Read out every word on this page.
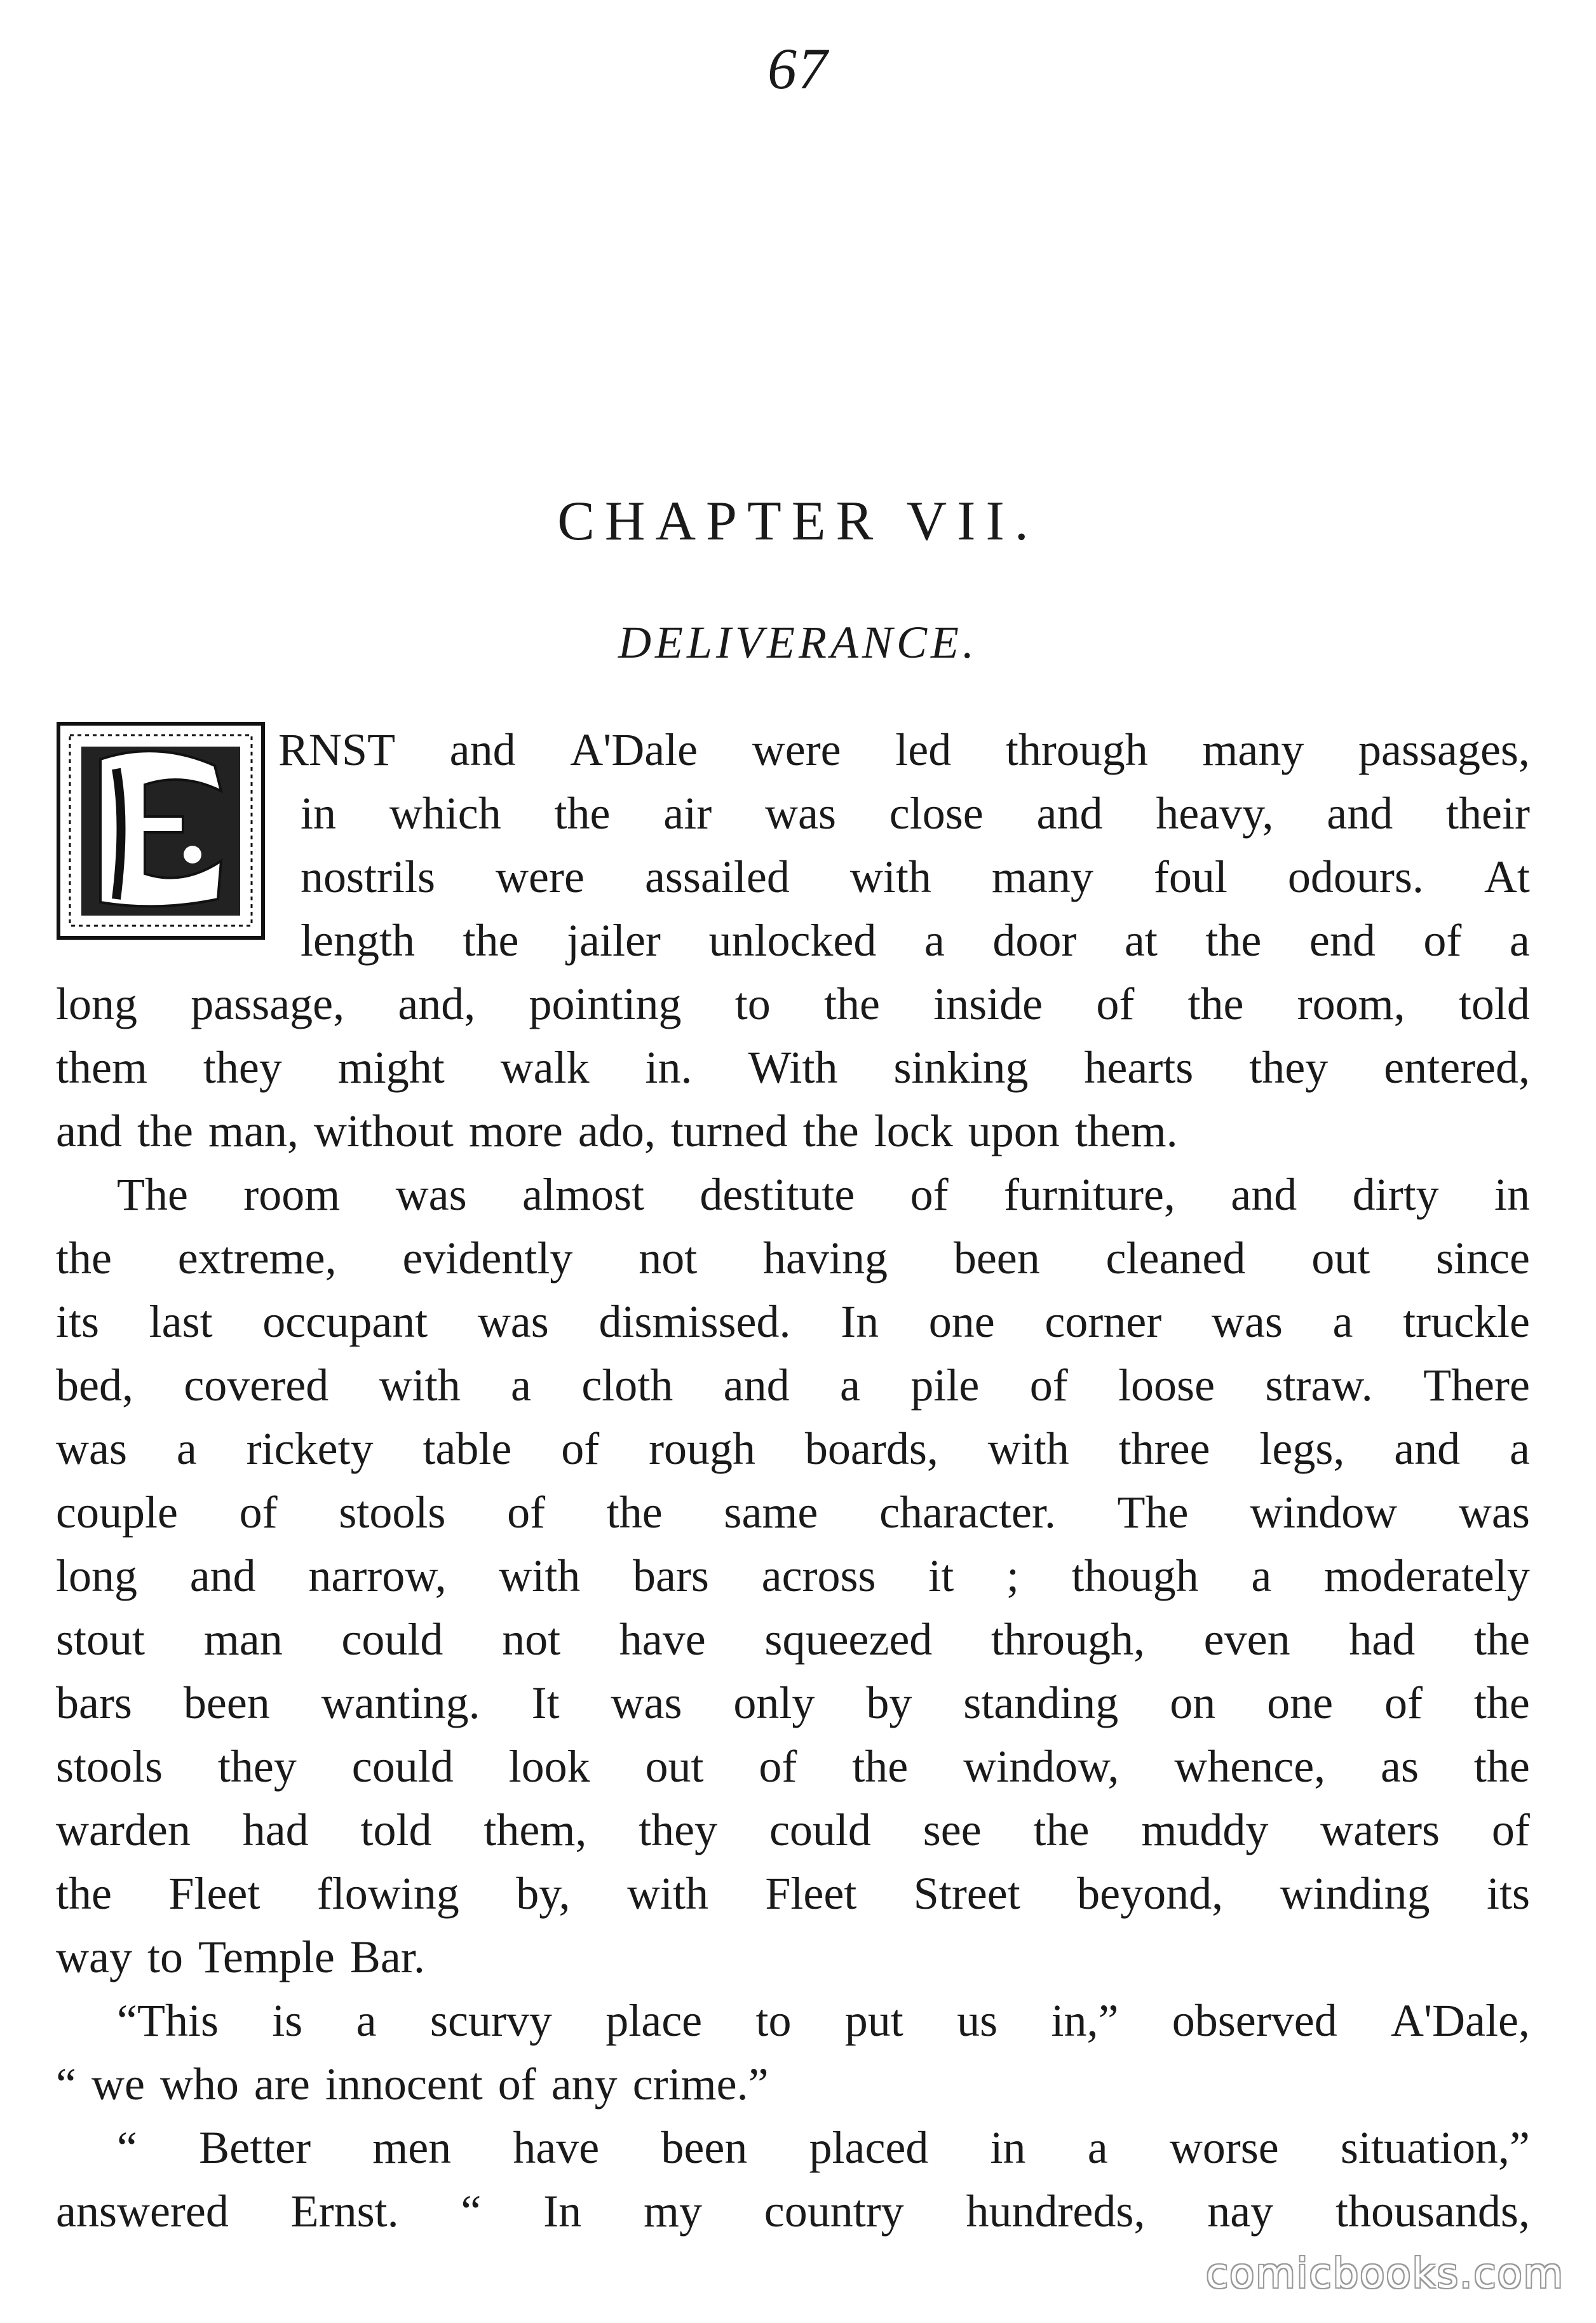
67
CHAPTER VII.
DELIVERANCE.
RNST and A'Dale were led through many passages,
in which the air was close and heavy, and their
nostrils were assailed with many foul odours. At
length the jailer unlocked a door at the end of a
long passage, and, pointing to the inside of the room, told
them they might walk in. With sinking hearts they entered,
and the man, without more ado, turned the lock upon them.
The room was almost destitute of furniture, and dirty in
the extreme, evidently not having been cleaned out since
its last occupant was dismissed. In one corner was a truckle
bed, covered with a cloth and a pile of loose straw. There
was a rickety table of rough boards, with three legs, and a
couple of stools of the same character. The window was
long and narrow, with bars across it ; though a moderately
stout man could not have squeezed through, even had the
bars been wanting. It was only by standing on one of the
stools they could look out of the window, whence, as the
warden had told them, they could see the muddy waters of
the Fleet flowing by, with Fleet Street beyond, winding its
way to Temple Bar.
“This is a scurvy place to put us in,” observed A'Dale,
“ we who are innocent of any crime.”
“ Better men have been placed in a worse situation,”
answered Ernst. “ In my country hundreds, nay thousands,
comicbooks.com
